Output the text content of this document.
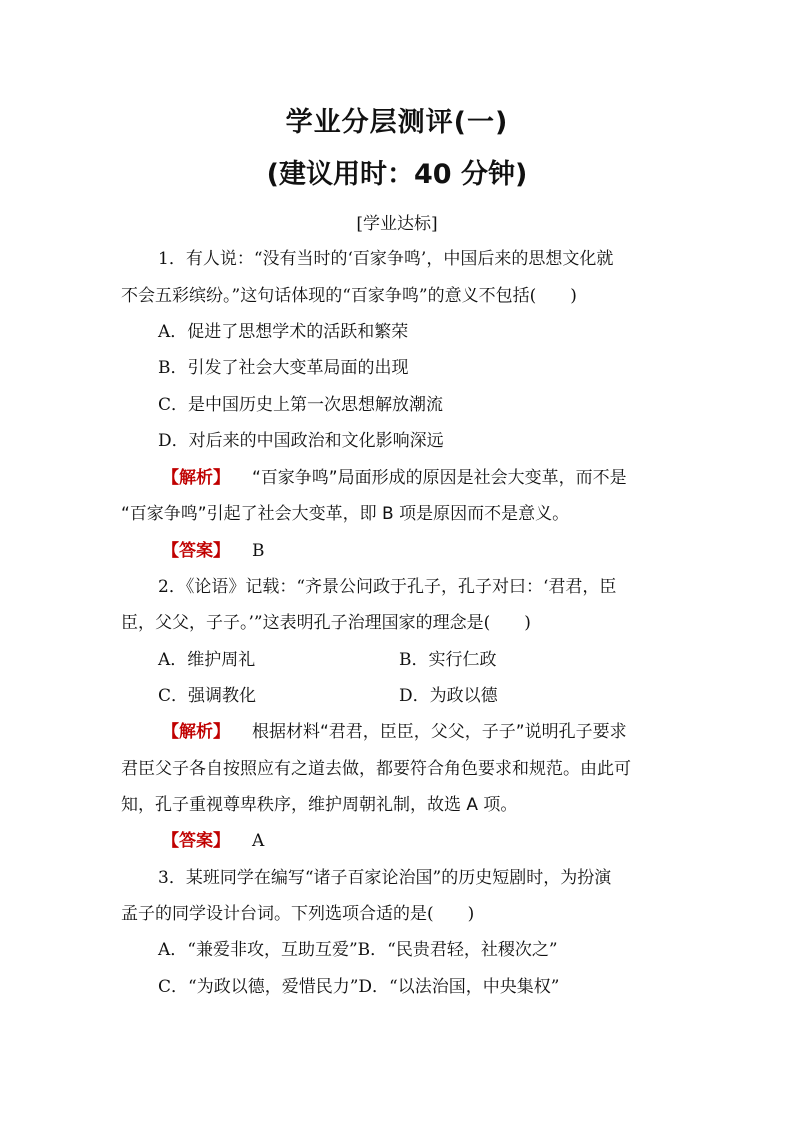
学业分层测评(一)
(建议用时：40 分钟)
[学业达标]
1．有人说：“没有当时的‘百家争鸣’，中国后来的思想文化就
不会五彩缤纷。”这句话体现的“百家争鸣”的意义不包括(　　)
A．促进了思想学术的活跃和繁荣
B．引发了社会大变革局面的出现
C．是中国历史上第一次思想解放潮流
D．对后来的中国政治和文化影响深远
【解析】 “百家争鸣”局面形成的原因是社会大变革，而不是
“百家争鸣”引起了社会大变革，即 B 项是原因而不是意义。
【答案】 B
2．《论语》记载：“齐景公问政于孔子，孔子对曰：‘君君，臣
臣，父父，子子。’”这表明孔子治理国家的理念是(　　)
A．维护周礼	B．实行仁政
C．强调教化	D．为政以德
【解析】 根据材料“君君，臣臣，父父，子子”说明孔子要求
君臣父子各自按照应有之道去做，都要符合角色要求和规范。由此可
知，孔子重视尊卑秩序，维护周朝礼制，故选 A 项。
【答案】 A
3．某班同学在编写“诸子百家论治国”的历史短剧时，为扮演
孟子的同学设计台词。下列选项合适的是(　　)
A．“兼爱非攻，互助互爱”B．“民贵君轻，社稷次之”
C．“为政以德，爱惜民力”D．“以法治国，中央集权”
